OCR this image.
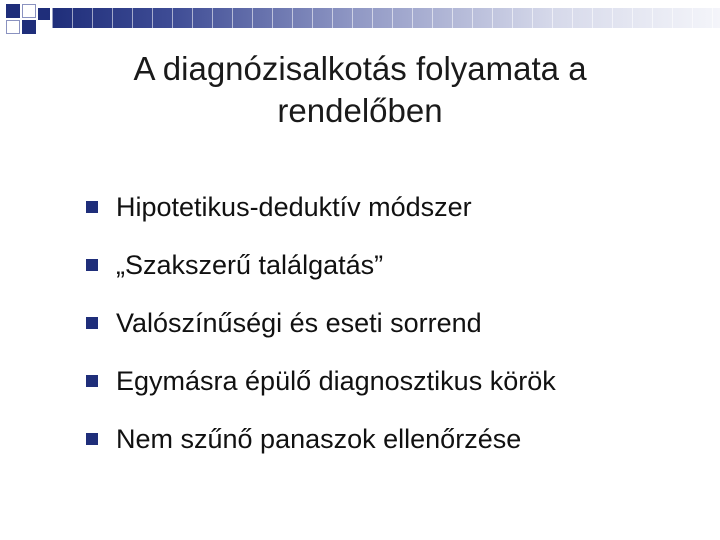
A diagnózisalkotás folyamata a
rendelőben
Hipotetikus-deduktív módszer
„Szakszerű találgatás”
Valószínűségi és eseti sorrend
Egymásra épülő diagnosztikus körök
Nem szűnő panaszok ellenőrzése
